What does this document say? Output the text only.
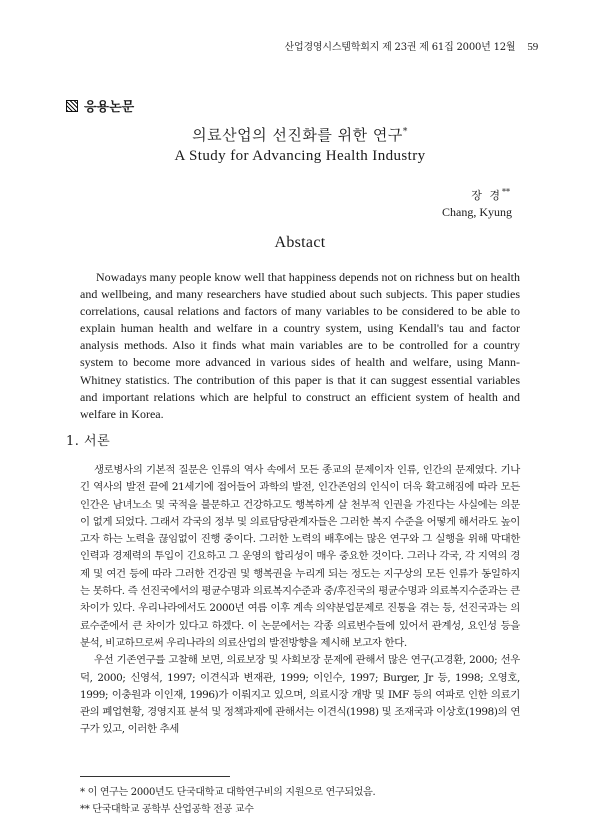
산업경영시스템학회지 제 23권 제 61집 2000년 12월 59
응용논문
의료산업의 선진화를 위한 연구*
A Study for Advancing Health Industry
장 경**
Chang, Kyung
Abstact

Nowadays many people know well that happiness depends not on richness but on health and wellbeing, and many researchers have studied about such subjects. This paper studies correlations, causal relations and factors of many variables to be considered to be able to explain human health and welfare in a country system, using Kendall's tau and factor analysis methods. Also it finds what main variables are to be controlled for a country system to become more advanced in various sides of health and welfare, using Mann-Whitney statistics. The contribution of this paper is that it can suggest essential variables and important relations which are helpful to construct an efficient system of health and welfare in Korea.

1. 서론

생로병사의 기본적 질문은 인류의 역사 속에서 모든 종교의 문제이자 인류, 인간의 문제였다. 기나긴 역사의 발전 끝에 21세기에 접어들어 과학의 발전, 인간존엄의 인식이 더욱 확고해짐에 따라 모든 인간은 남녀노소 및 국적을 불문하고 건강하고도 행복하게 살 천부적 인권을 가진다는 사실에는 의문이 없게 되었다. 그래서 각국의 정부 및 의료담당관계자들은 그러한 복지 수준을 어떻게 해서라도 높이고자 하는 노력을 끊임없이 진행 중이다. 그러한 노력의 배후에는 많은 연구와 그 실행을 위해 막대한 인력과 경제력의 투입이 긴요하고 그 운영의 합리성이 매우 중요한 것이다. 그러나 각국, 각 지역의 경제 및 여건 등에 따라 그러한 건강권 및 행복권을 누리게 되는 정도는 지구상의 모든 인류가 동일하지는 못하다. 즉 선진국에서의 평균수명과 의료복지수준과 중/후진국의 평균수명과 의료복지수준과는 큰 차이가 있다. 우리나라에서도 2000년 여름 이후 계속 의약분업문제로 진통을 겪는 등, 선진국과는 의료수준에서 큰 차이가 있다고 하겠다. 이 논문에서는 각종 의료변수들에 있어서 관계성, 요인성 등을 분석, 비교하므로써 우리나라의 의료산업의 발전방향을 제시해 보고자 한다.

우선 기존연구를 고찰해 보면, 의료보장 및 사회보장 문제에 관해서 많은 연구(고경환, 2000; 선우덕, 2000; 신영석, 1997; 이견식과 변재관, 1999; 이인수, 1997; Burger, Jr 등, 1998; 오영호, 1999; 이충원과 이인재, 1996)가 이뤄지고 있으며, 의료시장 개방 및 IMF 등의 여파로 인한 의료기관의 폐업현황, 경영지표 분석 및 정책과제에 관해서는 이견식(1998) 및 조재국과 이상호(1998)의 연구가 있고, 이러한 추세

* 이 연구는 2000년도 단국대학교 대학연구비의 지원으로 연구되었음.
** 단국대학교 공학부 산업공학 전공 교수
